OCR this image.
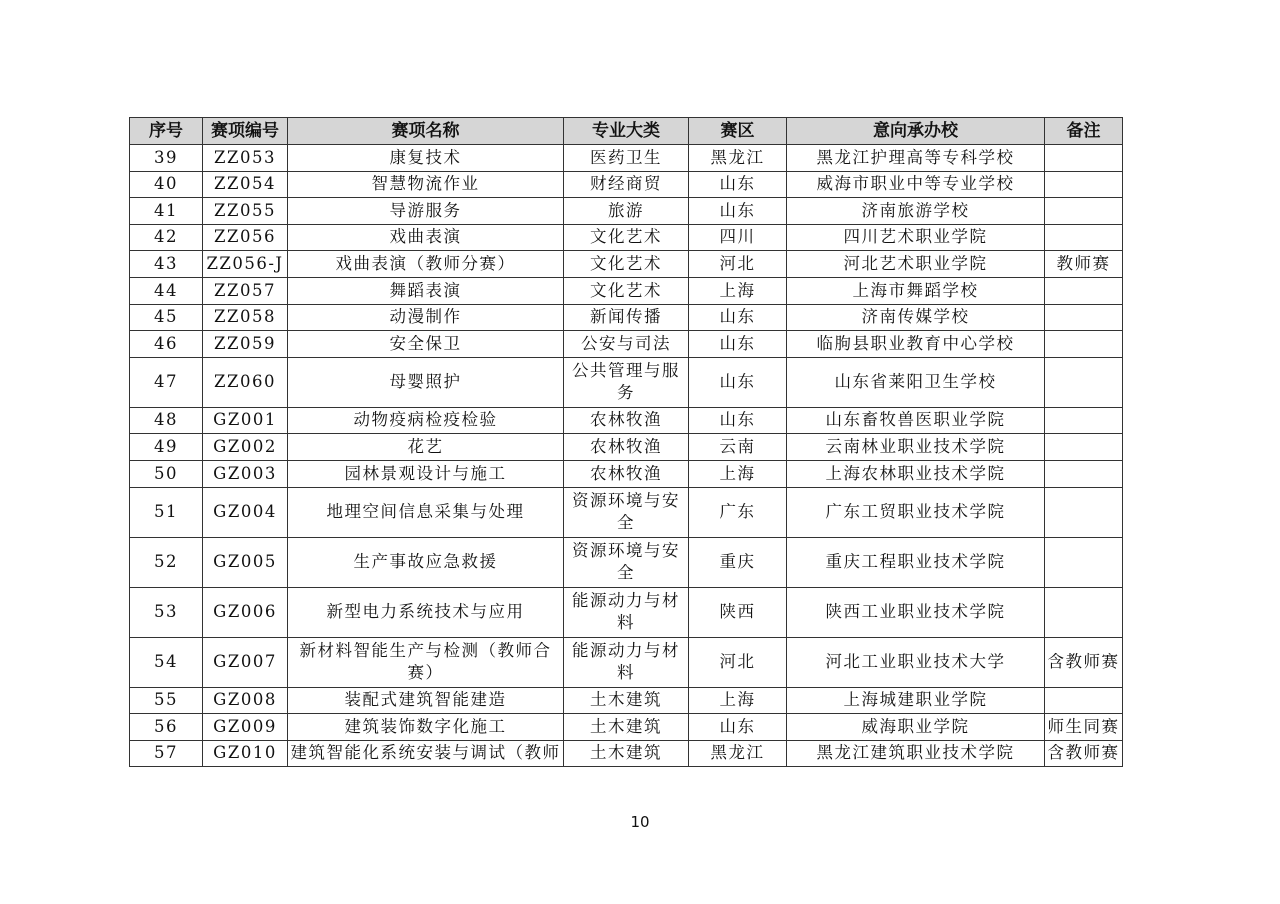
序号	赛项编号	赛项名称	专业大类	赛区	意向承办校	备注
39	ZZ053	康复技术	医药卫生	黑龙江	黑龙江护理高等专科学校	
40	ZZ054	智慧物流作业	财经商贸	山东	威海市职业中等专业学校	
41	ZZ055	导游服务	旅游	山东	济南旅游学校	
42	ZZ056	戏曲表演	文化艺术	四川	四川艺术职业学院	
43	ZZ056-J	戏曲表演（教师分赛）	文化艺术	河北	河北艺术职业学院	教师赛
44	ZZ057	舞蹈表演	文化艺术	上海	上海市舞蹈学校	
45	ZZ058	动漫制作	新闻传播	山东	济南传媒学校	
46	ZZ059	安全保卫	公安与司法	山东	临朐县职业教育中心学校	
47	ZZ060	母婴照护	公共管理与服务	山东	山东省莱阳卫生学校	
48	GZ001	动物疫病检疫检验	农林牧渔	山东	山东畜牧兽医职业学院	
49	GZ002	花艺	农林牧渔	云南	云南林业职业技术学院	
50	GZ003	园林景观设计与施工	农林牧渔	上海	上海农林职业技术学院	
51	GZ004	地理空间信息采集与处理	资源环境与安全	广东	广东工贸职业技术学院	
52	GZ005	生产事故应急救援	资源环境与安全	重庆	重庆工程职业技术学院	
53	GZ006	新型电力系统技术与应用	能源动力与材料	陕西	陕西工业职业技术学院	
54	GZ007	新材料智能生产与检测（教师合赛）	能源动力与材料	河北	河北工业职业技术大学	含教师赛
55	GZ008	装配式建筑智能建造	土木建筑	上海	上海城建职业学院	
56	GZ009	建筑装饰数字化施工	土木建筑	山东	威海职业学院	师生同赛
57	GZ010	建筑智能化系统安装与调试（教师	土木建筑	黑龙江	黑龙江建筑职业技术学院	含教师赛
10
